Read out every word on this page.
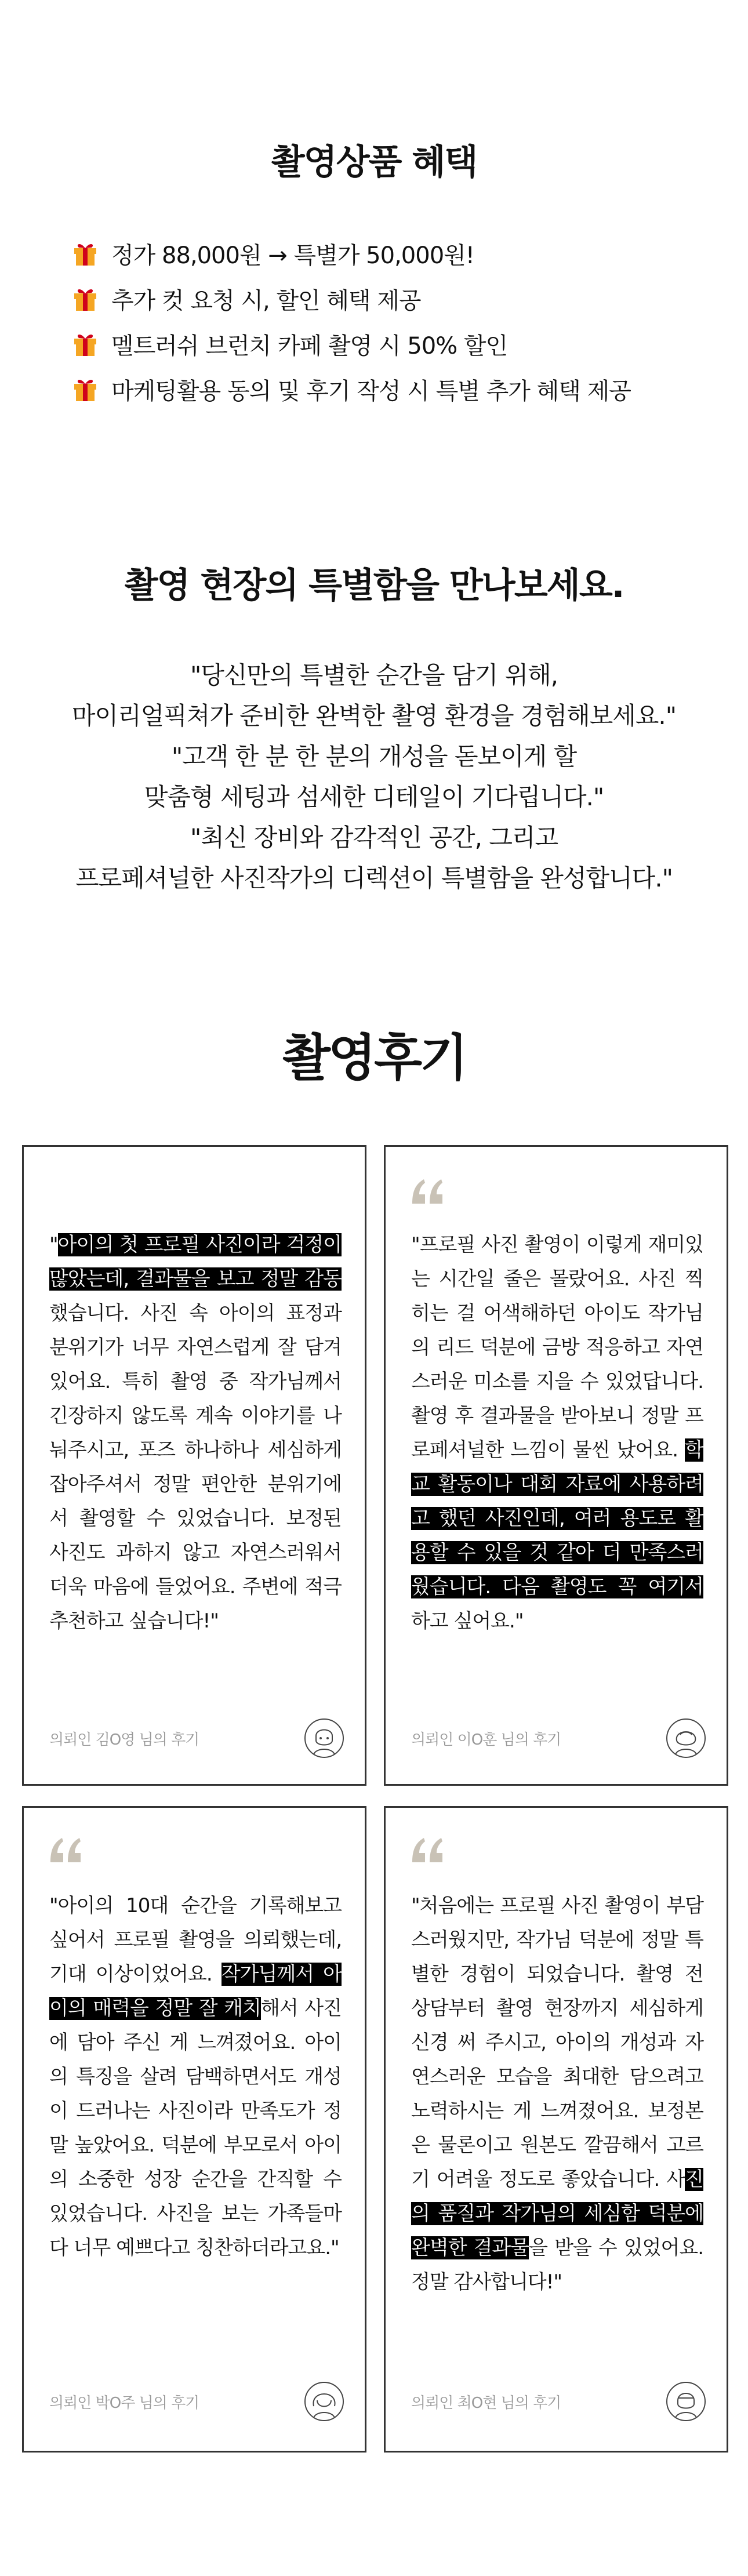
촬영상품 혜택
정가 88,000원 → 특별가 50,000원!
추가 컷 요청 시, 할인 혜택 제공
멜트러쉬 브런치 카페 촬영 시 50% 할인
마케팅활용 동의 및 후기 작성 시 특별 추가 혜택 제공
촬영 현장의 특별함을 만나보세요.
"당신만의 특별한 순간을 담기 위해,
마이리얼픽쳐가 준비한 완벽한 촬영 환경을 경험해보세요."
"고객 한 분 한 분의 개성을 돋보이게 할
맞춤형 세팅과 섬세한 디테일이 기다립니다."
"최신 장비와 감각적인 공간, 그리고
프로페셔널한 사진작가의 디렉션이 특별함을 완성합니다."
촬영후기
"아이의 첫 프로필 사진이라 걱정이 많았는데, 결과물을 보고 정말 감동했습니다. 사진 속 아이의 표정과 분위기가 너무 자연스럽게 잘 담겨 있어요. 특히 촬영 중 작가님께서 긴장하지 않도록 계속 이야기를 나눠주시고, 포즈 하나하나 세심하게 잡아주셔서 정말 편안한 분위기에서 촬영할 수 있었습니다. 보정된 사진도 과하지 않고 자연스러워서 더욱 마음에 들었어요. 주변에 적극 추천하고 싶습니다!"
의뢰인 김O영 님의 후기
"프로필 사진 촬영이 이렇게 재미있는 시간일 줄은 몰랐어요. 사진 찍히는 걸 어색해하던 아이도 작가님의 리드 덕분에 금방 적응하고 자연스러운 미소를 지을 수 있었답니다. 촬영 후 결과물을 받아보니 정말 프로페셔널한 느낌이 물씬 났어요. 학교 활동이나 대회 자료에 사용하려고 했던 사진인데, 여러 용도로 활용할 수 있을 것 같아 더 만족스러웠습니다. 다음 촬영도 꼭 여기서 하고 싶어요."
의뢰인 이O훈 님의 후기
"아이의 10대 순간을 기록해보고 싶어서 프로필 촬영을 의뢰했는데, 기대 이상이었어요. 작가님께서 아이의 매력을 정말 잘 캐치해서 사진에 담아 주신 게 느껴졌어요. 아이의 특징을 살려 담백하면서도 개성이 드러나는 사진이라 만족도가 정말 높았어요. 덕분에 부모로서 아이의 소중한 성장 순간을 간직할 수 있었습니다. 사진을 보는 가족들마다 너무 예쁘다고 칭찬하더라고요."
의뢰인 박O주 님의 후기
"처음에는 프로필 사진 촬영이 부담스러웠지만, 작가님 덕분에 정말 특별한 경험이 되었습니다. 촬영 전 상담부터 촬영 현장까지 세심하게 신경 써 주시고, 아이의 개성과 자연스러운 모습을 최대한 담으려고 노력하시는 게 느껴졌어요. 보정본은 물론이고 원본도 깔끔해서 고르기 어려울 정도로 좋았습니다. 사진의 품질과 작가님의 세심함 덕분에 완벽한 결과물을 받을 수 있었어요. 정말 감사합니다!"
의뢰인 최O현 님의 후기
